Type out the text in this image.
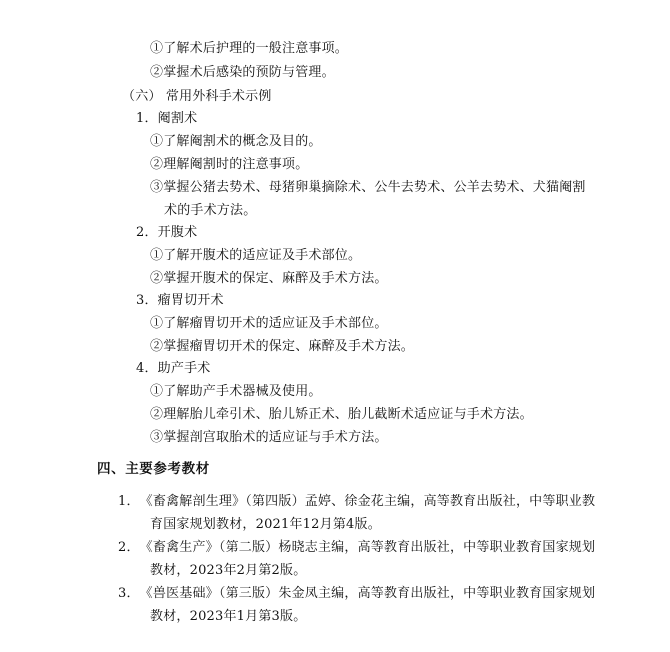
①了解术后护理的一般注意事项。
②掌握术后感染的预防与管理。
（六） 常用外科手术示例
1．阉割术
①了解阉割术的概念及目的。
②理解阉割时的注意事项。
③掌握公猪去势术、母猪卵巢摘除术、公牛去势术、公羊去势术、犬猫阉割
术的手术方法。
2．开腹术
①了解开腹术的适应证及手术部位。
②掌握开腹术的保定、麻醉及手术方法。
3．瘤胃切开术
①了解瘤胃切开术的适应证及手术部位。
②掌握瘤胃切开术的保定、麻醉及手术方法。
4．助产手术
①了解助产手术器械及使用。
②理解胎儿牵引术、胎儿矫正术、胎儿截断术适应证与手术方法。
③掌握剖宫取胎术的适应证与手术方法。
四、主要参考教材
1．《畜禽解剖生理》（第四版）孟婷、徐金花主编，高等教育出版社，中等职业教
育国家规划教材，2021年12月第4版。
2．《畜禽生产》（第二版）杨晓志主编，高等教育出版社，中等职业教育国家规划
教材，2023年2月第2版。
3．《兽医基础》（第三版）朱金凤主编，高等教育出版社，中等职业教育国家规划
教材，2023年1月第3版。
